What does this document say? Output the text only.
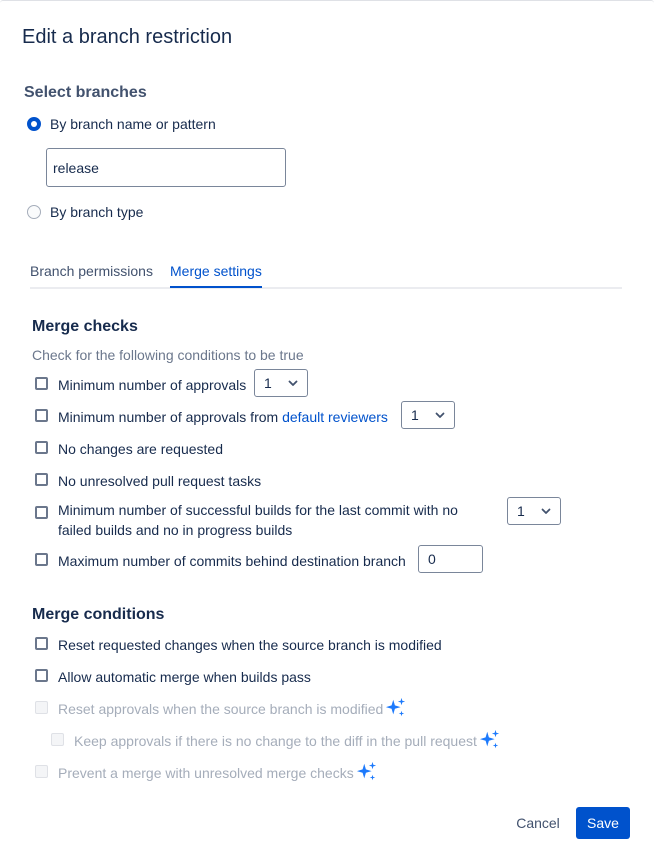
Edit a branch restriction
Select branches
By branch name or pattern
release
By branch type
Branch permissions Merge settings
Merge checks
Check for the following conditions to be true
Minimum number of approvals 1
Minimum number of approvals from default reviewers 1
No changes are requested
No unresolved pull request tasks
Minimum number of successful builds for the last commit with no failed builds and no in progress builds
1
Maximum number of commits behind destination branch
0
Merge conditions
Reset requested changes when the source branch is modified
Allow automatic merge when builds pass
Reset approvals when the source branch is modified
Keep approvals if there is no change to the diff in the pull request
Prevent a merge with unresolved merge checks
Cancel	Save
